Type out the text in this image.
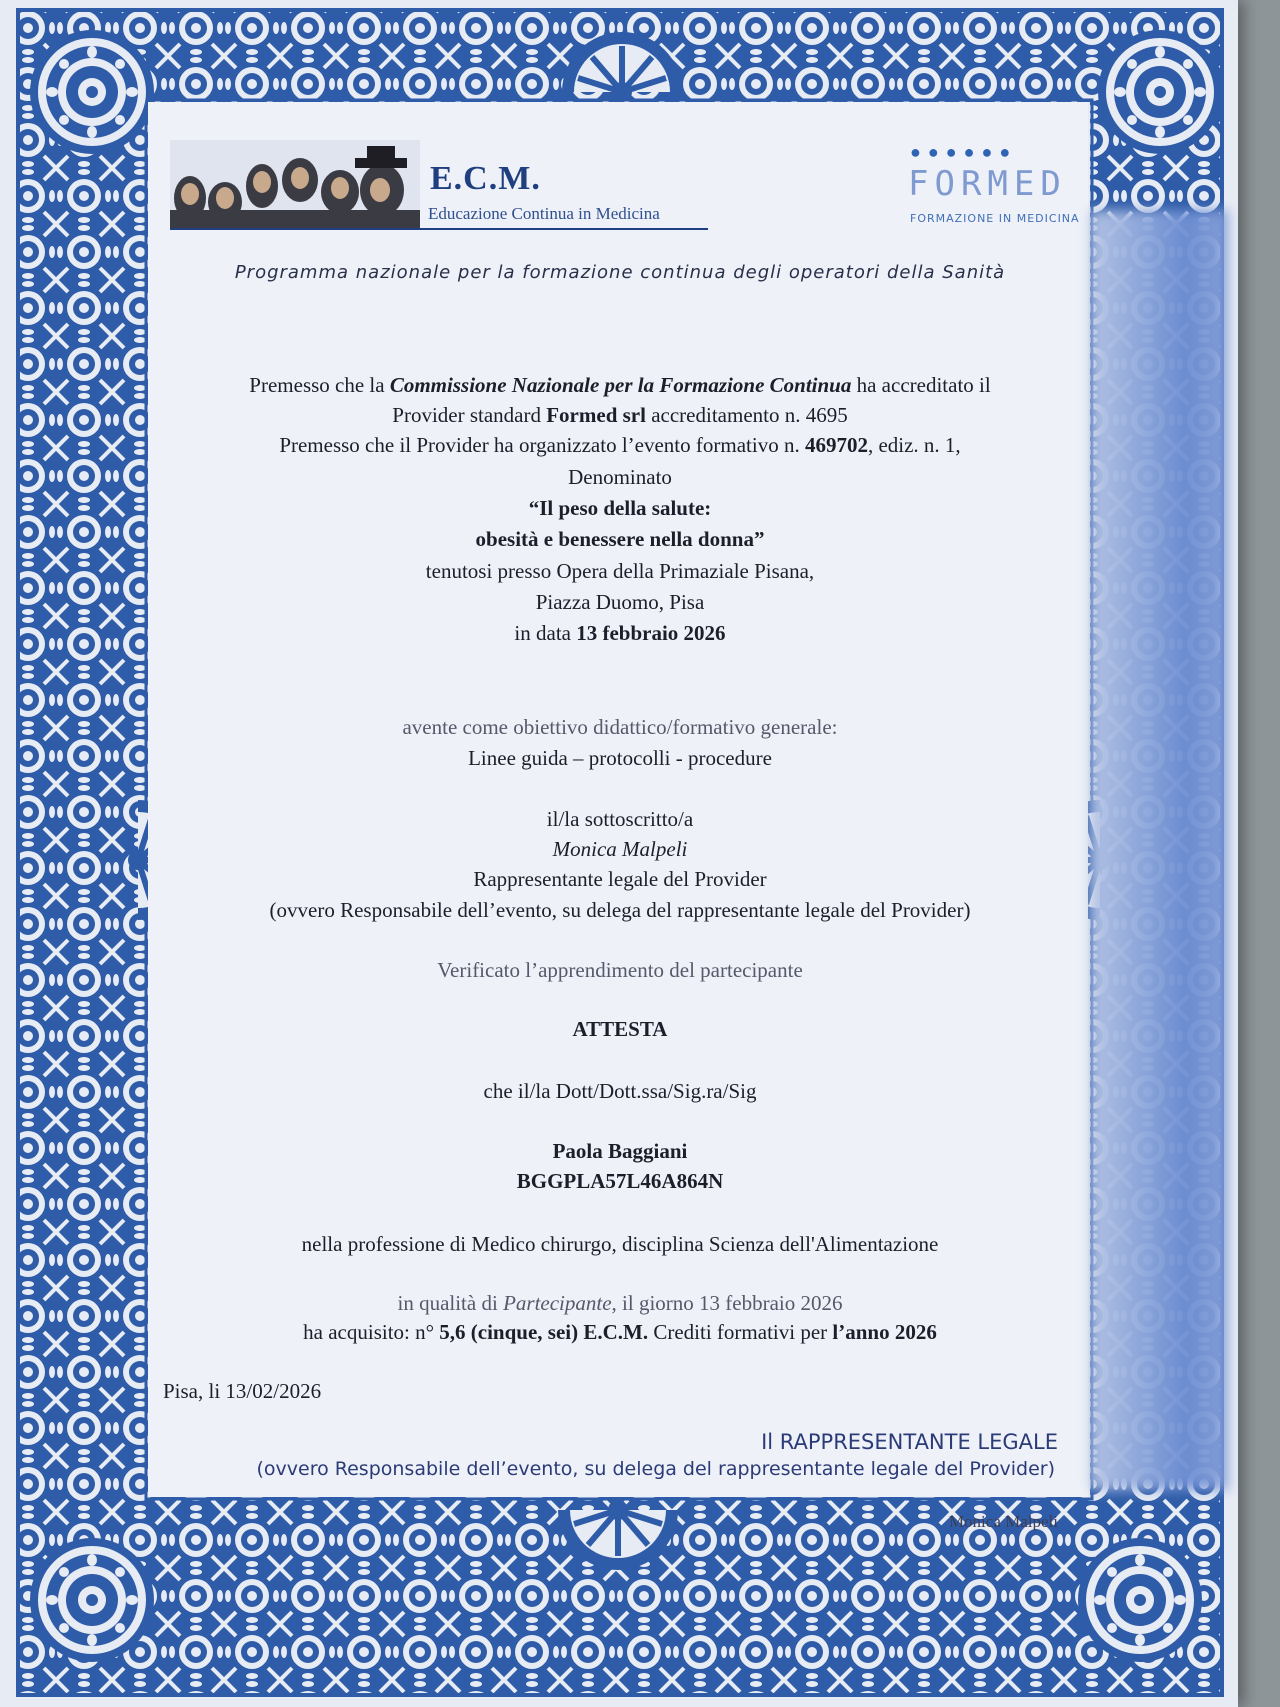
E.C.M.
Educazione Continua in Medicina
●●●●●●
FORMED
FORMAZIONE IN MEDICINA
Programma nazionale per la formazione continua degli operatori della Sanità

Premesso che la Commissione Nazionale per la Formazione Continua ha accreditato il

Provider standard Formed srl accreditamento n. 4695

Premesso che il Provider ha organizzato l’evento formativo n. 469702, ediz. n. 1,

Denominato

“Il peso della salute:

obesità e benessere nella donna”

tenutosi presso Opera della Primaziale Pisana,

Piazza Duomo, Pisa

in data 13 febbraio 2026

avente come obiettivo didattico/formativo generale:

Linee guida – protocolli - procedure

il/la sottoscritto/a

Monica Malpeli

Rappresentante legale del Provider

(ovvero Responsabile dell’evento, su delega del rappresentante legale del Provider)

Verificato l’apprendimento del partecipante

ATTESTA

che il/la Dott/Dott.ssa/Sig.ra/Sig

Paola Baggiani

BGGPLA57L46A864N

nella professione di Medico chirurgo, disciplina Scienza dell'Alimentazione

in qualità di Partecipante, il giorno 13 febbraio 2026

ha acquisito: n° 5,6 (cinque, sei) E.C.M. Crediti formativi per l’anno 2026

Pisa, li 13/02/2026
Il RAPPRESENTANTE LEGALE
(ovvero Responsabile dell’evento, su delega del rappresentante legale del Provider)
Monica Malpeli
